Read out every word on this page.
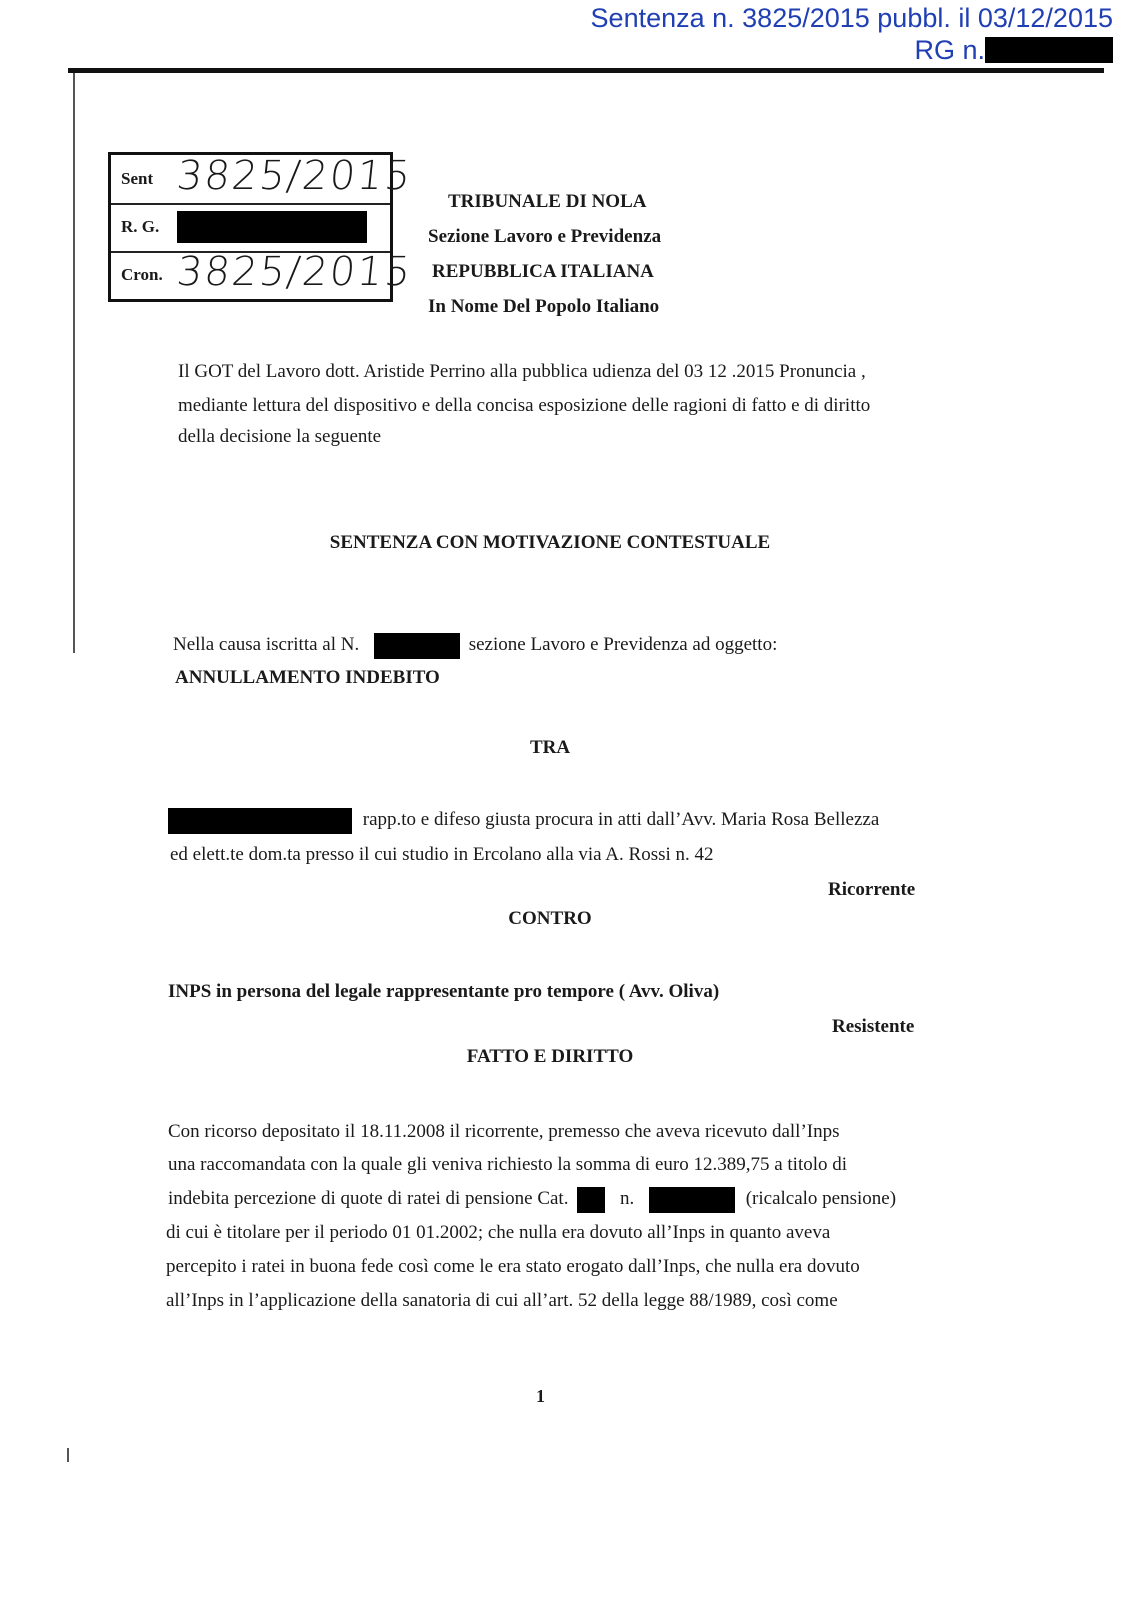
Sentenza n. 3825/2015 pubbl. il 03/12/2015
RG n.
Sent 3825/2015
R. G.
Cron. 3825/2015
TRIBUNALE DI NOLA
Sezione Lavoro e Previdenza
REPUBBLICA ITALIANA
In Nome Del Popolo Italiano
Il GOT del Lavoro dott. Aristide Perrino alla pubblica udienza del 03 12 .2015 Pronuncia ,
mediante lettura del dispositivo e della concisa esposizione delle ragioni di fatto e di diritto
della decisione la seguente
SENTENZA CON MOTIVAZIONE CONTESTUALE
Nella causa iscritta al N.	sezione Lavoro e Previdenza ad oggetto:
ANNULLAMENTO INDEBITO
TRA
rapp.to e difeso giusta procura in atti dall’Avv. Maria Rosa Bellezza
ed elett.te dom.ta presso il cui studio in Ercolano alla via A. Rossi n. 42
Ricorrente
CONTRO
INPS in persona del legale rappresentante pro tempore ( Avv. Oliva)
Resistente
FATTO E DIRITTO
Con ricorso depositato il 18.11.2008 il ricorrente, premesso che aveva ricevuto dall’Inps
una raccomandata con la quale gli veniva richiesto la somma di euro 12.389,75 a titolo di
indebita percezione di quote di ratei di pensione Cat.	n.	(ricalcalo pensione)
di cui è titolare per il periodo 01 01.2002; che nulla era dovuto all’Inps in quanto aveva
percepito i ratei in buona fede così come le era stato erogato dall’Inps, che nulla era dovuto
all’Inps in l’applicazione della sanatoria di cui all’art. 52 della legge 88/1989, così come
1
